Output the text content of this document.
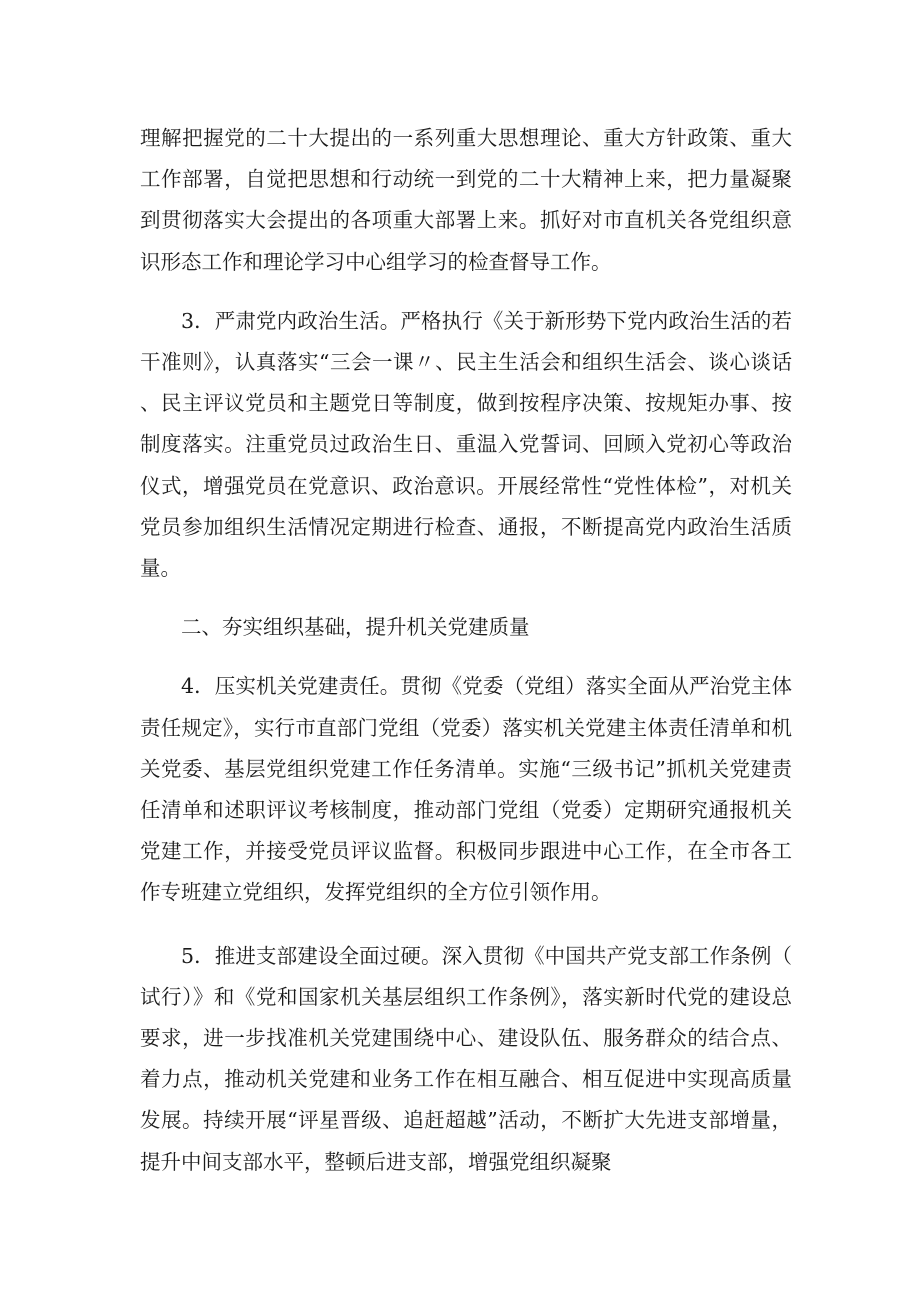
理解把握党的二十大提出的一系列重大思想理论、重大方针政策、重大工作部署，自觉把思想和行动统一到党的二十大精神上来，把力量凝聚到贯彻落实大会提出的各项重大部署上来。抓好对市直机关各党组织意识形态工作和理论学习中心组学习的检查督导工作。

3．严肃党内政治生活。严格执行《关于新形势下党内政治生活的若干准则》，认真落实“三会一课〃、民主生活会和组织生活会、谈心谈话、民主评议党员和主题党日等制度，做到按程序决策、按规矩办事、按制度落实。注重党员过政治生日、重温入党誓词、回顾入党初心等政治仪式，增强党员在党意识、政治意识。开展经常性“党性体检”，对机关党员参加组织生活情况定期进行检查、通报，不断提高党内政治生活质量。

二、夯实组织基础，提升机关党建质量

4．压实机关党建责任。贯彻《党委（党组）落实全面从严治党主体责任规定》，实行市直部门党组（党委）落实机关党建主体责任清单和机关党委、基层党组织党建工作任务清单。实施“三级书记”抓机关党建责任清单和述职评议考核制度，推动部门党组（党委）定期研究通报机关党建工作，并接受党员评议监督。积极同步跟进中心工作，在全市各工作专班建立党组织，发挥党组织的全方位引领作用。

5．推进支部建设全面过硬。深入贯彻《中国共产党支部工作条例（试行）》和《党和国家机关基层组织工作条例》，落实新时代党的建设总要求，进一步找准机关党建围绕中心、建设队伍、服务群众的结合点、着力点，推动机关党建和业务工作在相互融合、相互促进中实现高质量发展。持续开展“评星晋级、追赶超越”活动，不断扩大先进支部增量，提升中间支部水平，整顿后进支部，增强党组织凝聚
